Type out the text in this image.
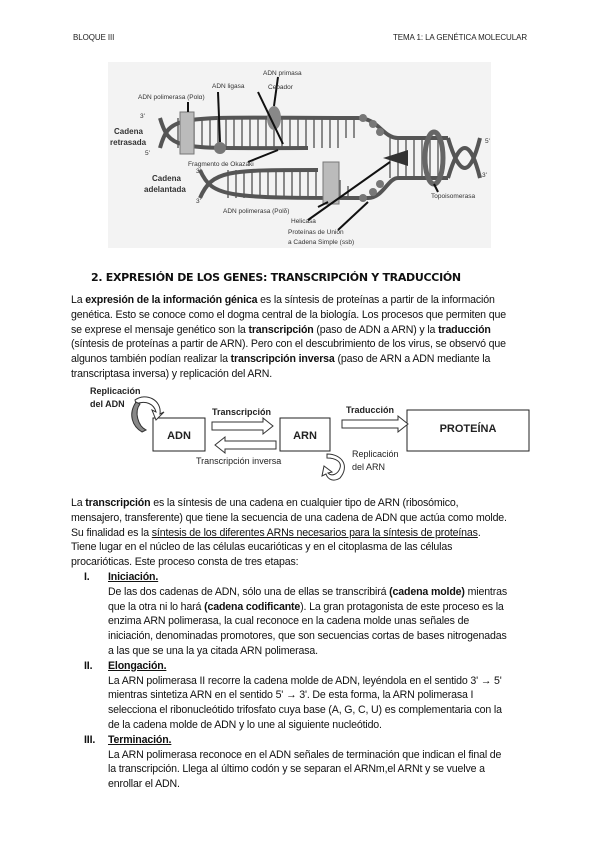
BLOQUE III	TEMA 1: LA GENÉTICA MOLECULAR
ADN primasa
Cebador
ADN ligasa
ADN polimerasa (Polα)
Fragmento de Okazaki
ADN polimerasa (Polδ)
Helicasa
Proteínas de Unión
a Cadena Simple (ssb)
Topoisomerasa
3'
5'
3'
3'
5'
3'
Cadena
retrasada
Cadena
adelantada
2. EXPRESIÓN DE LOS GENES: TRANSCRIPCIÓN Y TRADUCCIÓN
La expresión de la información génica es la síntesis de proteínas a partir de la información
genética. Esto se conoce como el dogma central de la biología. Los procesos que permiten que
se exprese el mensaje genético son la transcripción (paso de ADN a ARN) y la traducción
(síntesis de proteínas a partir de ARN). Pero con el descubrimiento de los virus, se observó que
algunos también podían realizar la transcripción inversa (paso de ARN a ADN mediante la
transcriptasa inversa) y replicación del ARN.
Replicación
del ADN
ADN	ARN
PROTEÍNA
Transcripción	Traducción
Transcripción inversa
Replicación
del ARN
La transcripción es la síntesis de una cadena en cualquier tipo de ARN (ribosómico,
mensajero, transferente) que tiene la secuencia de una cadena de ADN que actúa como molde.
Su finalidad es la síntesis de los diferentes ARNs necesarios para la síntesis de proteínas.
Tiene lugar en el núcleo de las células eucarióticas y en el citoplasma de las células
procarióticas. Este proceso consta de tres etapas:
I. Iniciación.
De las dos cadenas de ADN, sólo una de ellas se transcribirá (cadena molde) mientras
que la otra ni lo hará (cadena codificante). La gran protagonista de este proceso es la
enzima ARN polimerasa, la cual reconoce en la cadena molde unas señales de
iniciación, denominadas promotores, que son secuencias cortas de bases nitrogenadas
a las que se una la ya citada ARN polimerasa.
II. Elongación.
La ARN polimerasa II recorre la cadena molde de ADN, leyéndola en el sentido 3' → 5'
mientras sintetiza ARN en el sentido 5' → 3'. De esta forma, la ARN polimerasa I
selecciona el ribonucleótido trifosfato cuya base (A, G, C, U) es complementaria con la
de la cadena molde de ADN y lo une al siguiente nucleótido.
III. Terminación.
La ARN polimerasa reconoce en el ADN señales de terminación que indican el final de
la transcripción. Llega al último codón y se separan el ARNm,el ARNt y se vuelve a
enrollar el ADN.
